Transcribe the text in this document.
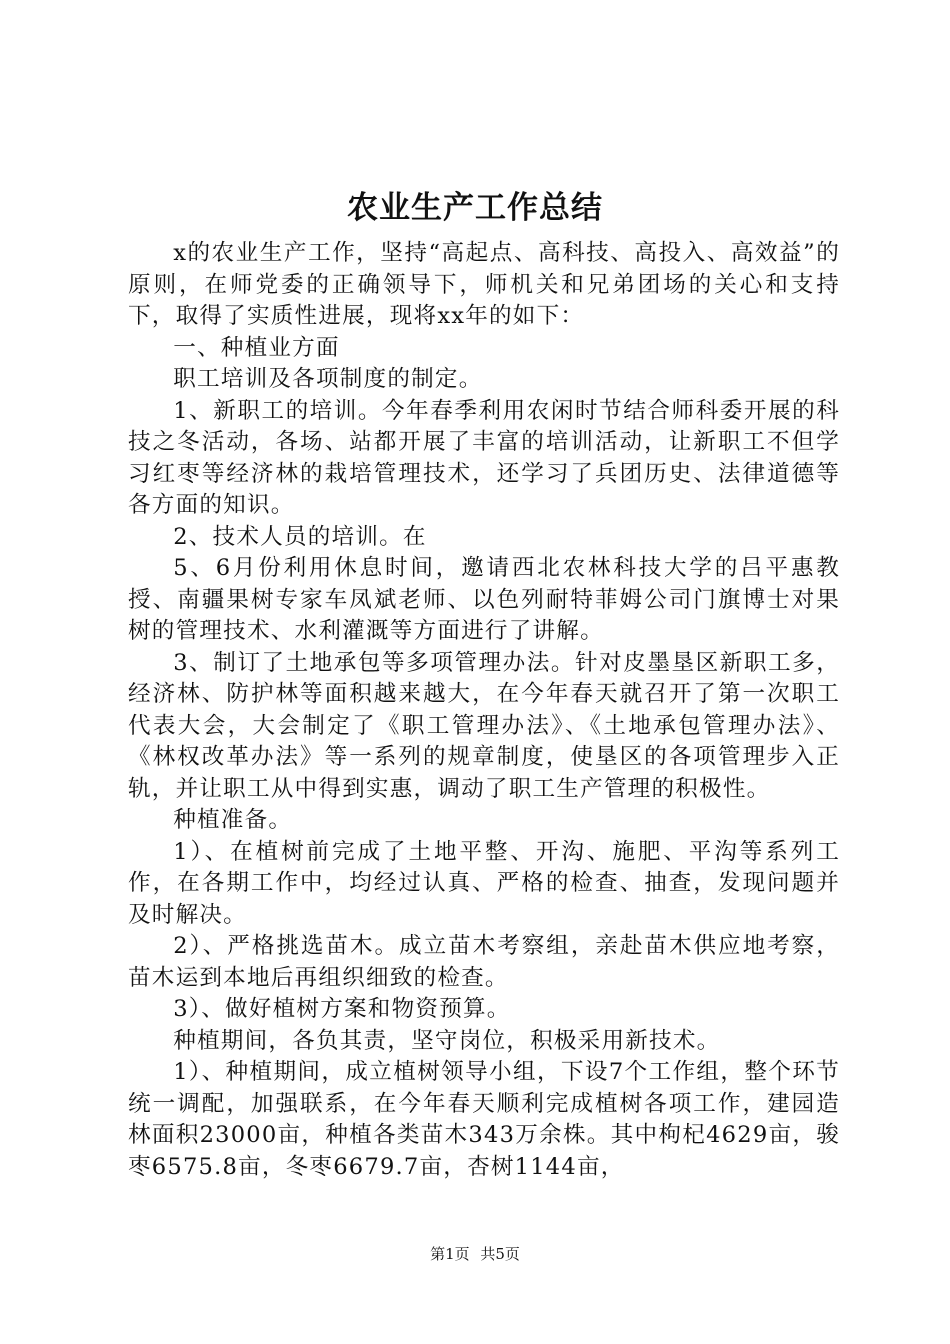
农业生产工作总结

x的农业生产工作，坚持“高起点、高科技、高投入、高效益”的原则，在师党委的正确领导下，师机关和兄弟团场的关心和支持下，取得了实质性进展，现将xx年的如下：

一、种植业方面

职工培训及各项制度的制定。

1、新职工的培训。今年春季利用农闲时节结合师科委开展的科技之冬活动，各场、站都开展了丰富的培训活动，让新职工不但学习红枣等经济林的栽培管理技术，还学习了兵团历史、法律道德等各方面的知识。

2、技术人员的培训。在

5、6月份利用休息时间，邀请西北农林科技大学的吕平惠教授、南疆果树专家车凤斌老师、以色列耐特菲姆公司门旗博士对果树的管理技术、水利灌溉等方面进行了讲解。

3、制订了土地承包等多项管理办法。针对皮墨垦区新职工多，经济林、防护林等面积越来越大，在今年春天就召开了第一次职工代表大会，大会制定了《职工管理办法》、《土地承包管理办法》、《林权改革办法》等一系列的规章制度，使垦区的各项管理步入正轨，并让职工从中得到实惠，调动了职工生产管理的积极性。

种植准备。

1）、在植树前完成了土地平整、开沟、施肥、平沟等系列工作，在各期工作中，均经过认真、严格的检查、抽查，发现问题并及时解决。

2）、严格挑选苗木。成立苗木考察组，亲赴苗木供应地考察，苗木运到本地后再组织细致的检查。

3）、做好植树方案和物资预算。

种植期间，各负其责，坚守岗位，积极采用新技术。

1）、种植期间，成立植树领导小组，下设7个工作组，整个环节统一调配，加强联系，在今年春天顺利完成植树各项工作，建园造林面积23000亩，种植各类苗木343万余株。其中枸杞4629亩，骏枣6575.8亩，冬枣6679.7亩，杏树1144亩，

第1页 共5页
